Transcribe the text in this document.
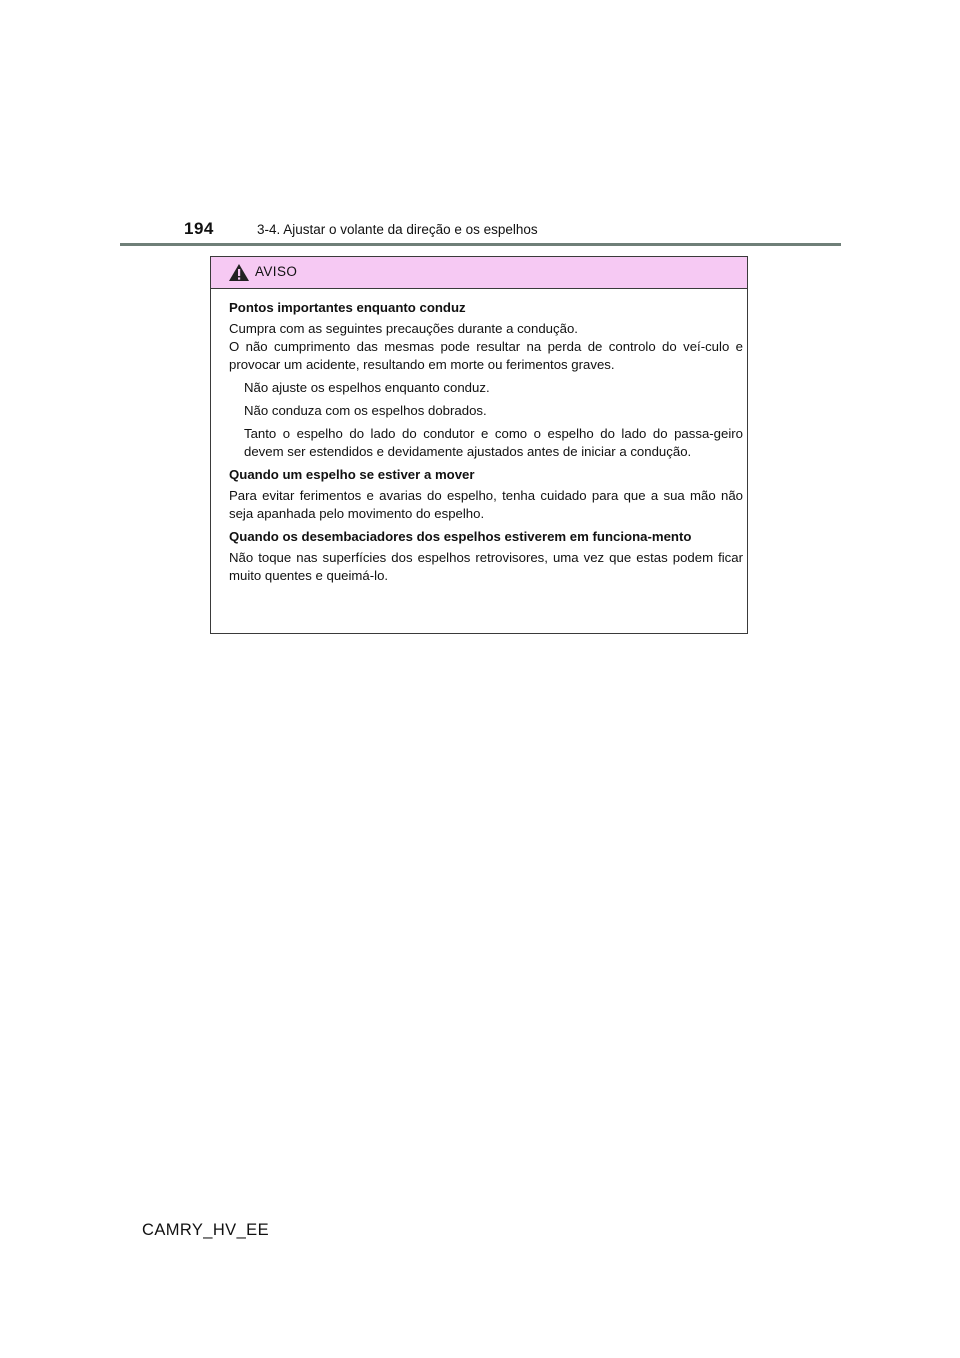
194	3-4. Ajustar o volante da direção e os espelhos
AVISO

Pontos importantes enquanto conduz

Cumpra com as seguintes precauções durante a condução.

O não cumprimento das mesmas pode resultar na perda de controlo do veí-culo e provocar um acidente, resultando em morte ou ferimentos graves.

Não ajuste os espelhos enquanto conduz.

Não conduza com os espelhos dobrados.

Tanto o espelho do lado do condutor e como o espelho do lado do passa-geiro devem ser estendidos e devidamente ajustados antes de iniciar a condução.

Quando um espelho se estiver a mover

Para evitar ferimentos e avarias do espelho, tenha cuidado para que a sua mão não seja apanhada pelo movimento do espelho.

Quando os desembaciadores dos espelhos estiverem em funciona-mento

Não toque nas superfícies dos espelhos retrovisores, uma vez que estas podem ficar muito quentes e queimá-lo.

CAMRY_HV_EE
